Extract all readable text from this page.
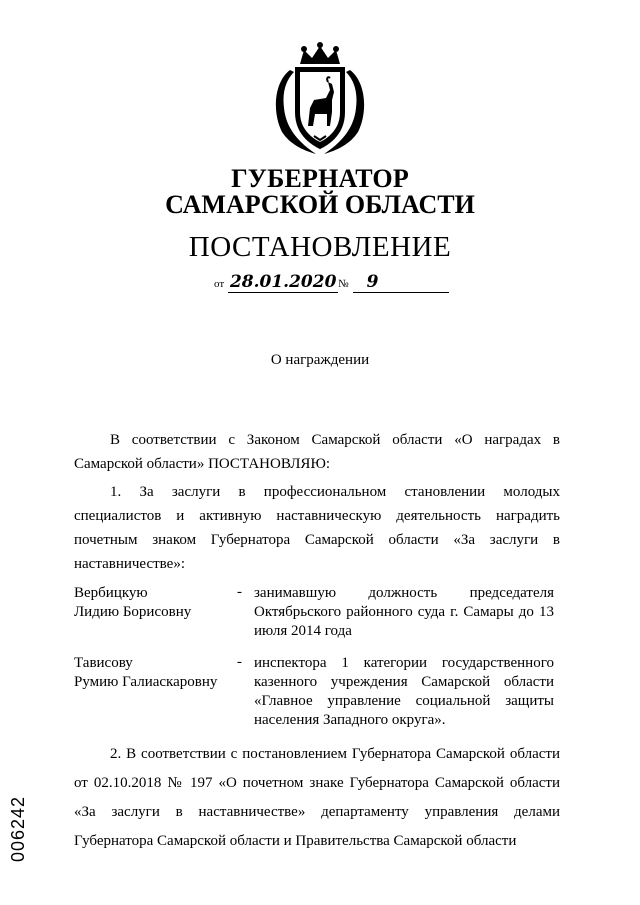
ГУБЕРНАТОР
САМАРСКОЙ ОБЛАСТИ
ПОСТАНОВЛЕНИЕ
от 28.01.2020 № 9
О награждении
В соответствии с Законом Самарской области «О наградах в Самарской области» ПОСТАНОВЛЯЮ:
1. За заслуги в профессиональном становлении молодых специалистов и активную наставническую деятельность наградить почетным знаком Губернатора Самарской области «За заслуги в наставничестве»:
Вербицкую
Лидию Борисовну
- занимавшую должность председателя Октябрьского районного суда г. Самары до 13 июля 2014 года
Тависову
Румию Галиаскаровну
- инспектора 1 категории государственного казенного учреждения Самарской области «Главное управление социальной защиты населения Западного округа».
2. В соответствии с постановлением Губернатора Самарской области от 02.10.2018 № 197 «О почетном знаке Губернатора Самарской области «За заслуги в наставничестве» департаменту управления делами Губернатора Самарской области и Правительства Самарской области
006242
